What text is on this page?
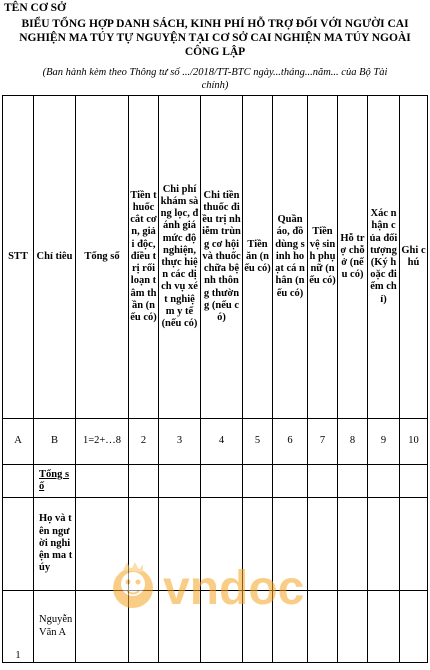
TÊN CƠ SỞ
BIỂU TỔNG HỢP DANH SÁCH, KINH PHÍ HỖ TRỢ ĐỐI VỚI NGƯỜI CAI
NGHIỆN MA TÚY TỰ NGUYỆN TẠI CƠ SỞ CAI NGHIỆN MA TÚY NGOÀI
CÔNG LẬP
(Ban hành kèm theo Thông tư số .../2018/TT-BTC ngày...tháng...năm... của Bộ Tài
chính)
STT	Chỉ tiêu	Tổng số	Tiền thuốc cắt cơn, giải độc, điều trị rối loạn tâm thần (nếu có)	Chi phí khám sàng lọc, đánh giá mức độ nghiện, thực hiện các dịch vụ xét nghiệm y tế (nếu có)	Chi tiền thuốc điều trị nhiễm trùng cơ hội và thuốc chữa bệnh thông thường (nếu có)	Tiền ăn (nếu có)	Quần áo, đồ dùng sinh hoạt cá nhân (nếu có)	Tiền vệ sinh phụ nữ (nếu có)	Hỗ trợ chỗ ở (nếu có)	Xác nhận của đối tượng (Ký hoặc điểm chỉ)	Ghi chú
A	B	1=2+…8	2	3	4	5	6	7	8	9	10
	Tổng số										
	Họ và tên người nghiện ma túy										
1	Nguyễn Văn A										
vndoc
